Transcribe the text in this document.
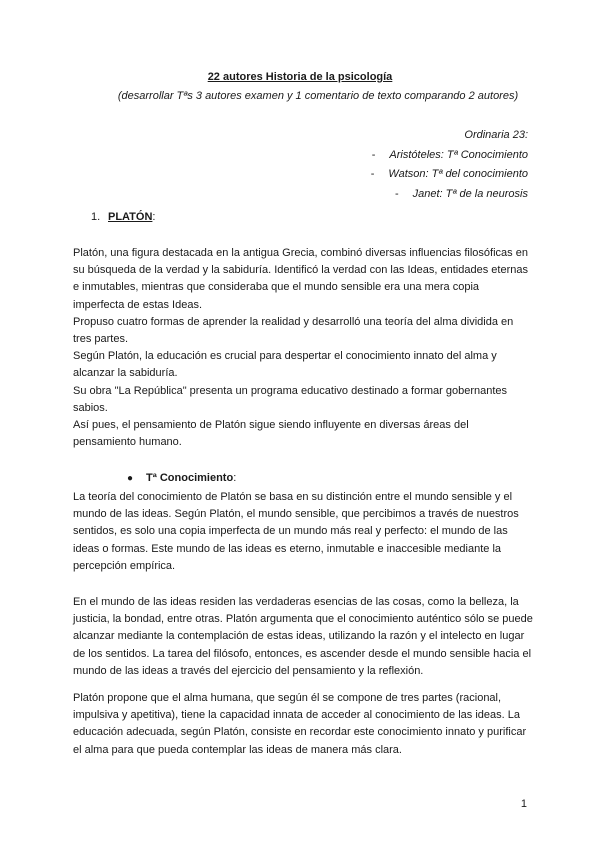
22 autores Historia de la psicología
(desarrollar Tªs 3 autores examen y 1 comentario de texto comparando 2 autores)
Ordinaria 23:
- Aristóteles: Tª Conocimiento
- Watson: Tª del conocimiento
- Janet: Tª de la neurosis
1. PLATÓN:

Platón, una figura destacada en la antigua Grecia, combinó diversas influencias filosóficas en su búsqueda de la verdad y la sabiduría. Identificó la verdad con las Ideas, entidades eternas e inmutables, mientras que consideraba que el mundo sensible era una mera copia imperfecta de estas Ideas.

Propuso cuatro formas de aprender la realidad y desarrolló una teoría del alma dividida en tres partes.

Según Platón, la educación es crucial para despertar el conocimiento innato del alma y alcanzar la sabiduría.

Su obra "La República" presenta un programa educativo destinado a formar gobernantes sabios.

Así pues, el pensamiento de Platón sigue siendo influyente en diversas áreas del pensamiento humano.

● Tª Conocimiento:

La teoría del conocimiento de Platón se basa en su distinción entre el mundo sensible y el mundo de las ideas. Según Platón, el mundo sensible, que percibimos a través de nuestros sentidos, es solo una copia imperfecta de un mundo más real y perfecto: el mundo de las ideas o formas. Este mundo de las ideas es eterno, inmutable e inaccesible mediante la percepción empírica.

En el mundo de las ideas residen las verdaderas esencias de las cosas, como la belleza, la justicia, la bondad, entre otras. Platón argumenta que el conocimiento auténtico sólo se puede alcanzar mediante la contemplación de estas ideas, utilizando la razón y el intelecto en lugar de los sentidos. La tarea del filósofo, entonces, es ascender desde el mundo sensible hacia el mundo de las ideas a través del ejercicio del pensamiento y la reflexión.

Platón propone que el alma humana, que según él se compone de tres partes (racional, impulsiva y apetitiva), tiene la capacidad innata de acceder al conocimiento de las ideas. La educación adecuada, según Platón, consiste en recordar este conocimiento innato y purificar el alma para que pueda contemplar las ideas de manera más clara.

1
